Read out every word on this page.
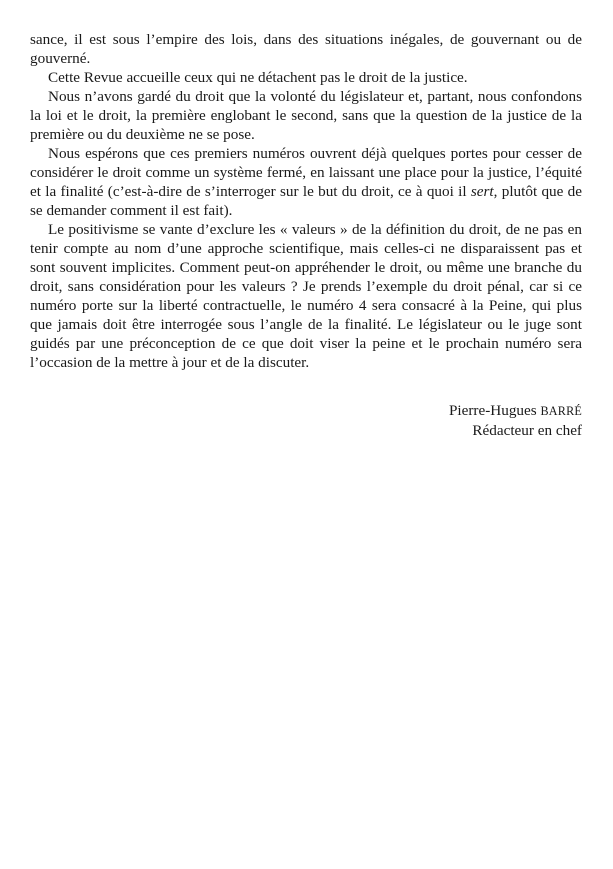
sance, il est sous l’empire des lois, dans des situations inégales, de gouvernant ou de gouverné.

Cette Revue accueille ceux qui ne détachent pas le droit de la justice.

Nous n’avons gardé du droit que la volonté du législateur et, partant, nous confondons la loi et le droit, la première englobant le second, sans que la question de la justice de la première ou du deuxième ne se pose.

Nous espérons que ces premiers numéros ouvrent déjà quelques portes pour cesser de considérer le droit comme un système fermé, en laissant une place pour la justice, l’équité et la finalité (c’est-à-dire de s’interroger sur le but du droit, ce à quoi il sert, plutôt que de se demander comment il est fait).

Le positivisme se vante d’exclure les « valeurs » de la définition du droit, de ne pas en tenir compte au nom d’une approche scientifique, mais celles-ci ne disparaissent pas et sont souvent implicites. Comment peut-on appréhender le droit, ou même une branche du droit, sans considération pour les valeurs ? Je prends l’exemple du droit pénal, car si ce numéro porte sur la liberté contractuelle, le numéro 4 sera consacré à la Peine, qui plus que jamais doit être interrogée sous l’angle de la finalité. Le législateur ou le juge sont guidés par une préconception de ce que doit viser la peine et le prochain numéro sera l’occasion de la mettre à jour et de la discuter.

Pierre-Hugues BARRÉ
Rédacteur en chef
